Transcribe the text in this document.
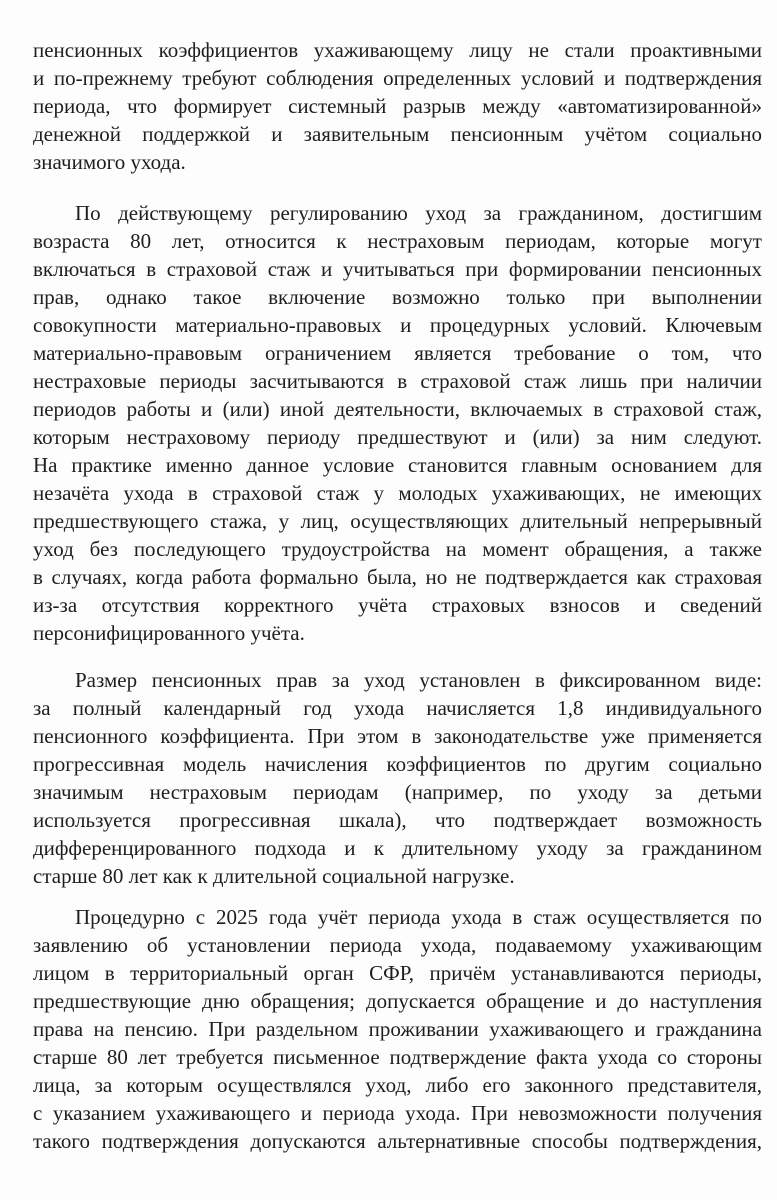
пенсионных коэффициентов ухаживающему лицу не стали проактивными
и по-прежнему требуют соблюдения определенных условий и подтверждения
периода, что формирует системный разрыв между «автоматизированной»
денежной поддержкой и заявительным пенсионным учётом социально
значимого ухода.
По действующему регулированию уход за гражданином, достигшим
возраста 80 лет, относится к нестраховым периодам, которые могут
включаться в страховой стаж и учитываться при формировании пенсионных
прав, однако такое включение возможно только при выполнении
совокупности материально-правовых и процедурных условий. Ключевым
материально-правовым ограничением является требование о том, что
нестраховые периоды засчитываются в страховой стаж лишь при наличии
периодов работы и (или) иной деятельности, включаемых в страховой стаж,
которым нестраховому периоду предшествуют и (или) за ним следуют.
На практике именно данное условие становится главным основанием для
незачёта ухода в страховой стаж у молодых ухаживающих, не имеющих
предшествующего стажа, у лиц, осуществляющих длительный непрерывный
уход без последующего трудоустройства на момент обращения, а также
в случаях, когда работа формально была, но не подтверждается как страховая
из-за отсутствия корректного учёта страховых взносов и сведений
персонифицированного учёта.
Размер пенсионных прав за уход установлен в фиксированном виде:
за полный календарный год ухода начисляется 1,8 индивидуального
пенсионного коэффициента. При этом в законодательстве уже применяется
прогрессивная модель начисления коэффициентов по другим социально
значимым нестраховым периодам (например, по уходу за детьми
используется прогрессивная шкала), что подтверждает возможность
дифференцированного подхода и к длительному уходу за гражданином
старше 80 лет как к длительной социальной нагрузке.
Процедурно с 2025 года учёт периода ухода в стаж осуществляется по
заявлению об установлении периода ухода, подаваемому ухаживающим
лицом в территориальный орган СФР, причём устанавливаются периоды,
предшествующие дню обращения; допускается обращение и до наступления
права на пенсию. При раздельном проживании ухаживающего и гражданина
старше 80 лет требуется письменное подтверждение факта ухода со стороны
лица, за которым осуществлялся уход, либо его законного представителя,
с указанием ухаживающего и периода ухода. При невозможности получения
такого подтверждения допускаются альтернативные способы подтверждения,
